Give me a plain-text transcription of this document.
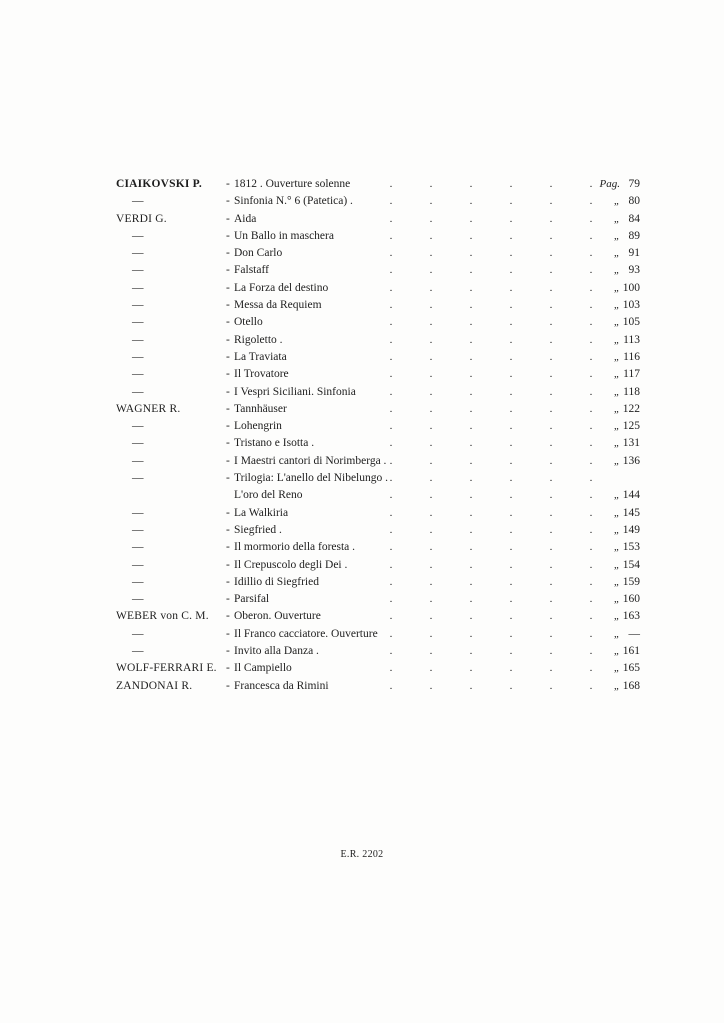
CIAIKOVSKI P.	- 1812 . Ouverture solenne	.	.	.	.	.	. Pag. 79
—	- Sinfonia N.° 6 (Patetica) .	.	.	.	.	.	.	„ 80
VERDI G.	- Aida	.	.	.	.	.	.	„ 84
—	- Un Ballo in maschera	.	.	.	.	.	.	„ 89
—	- Don Carlo	.	.	.	.	.	.	„ 91
—	- Falstaff	.	.	.	.	.	.	„ 93
—	- La Forza del destino	.	.	.	.	.	.	„ 100
—	- Messa da Requiem	.	.	.	.	.	.	„ 103
—	- Otello	.	.	.	.	.	.	„ 105
—	- Rigoletto .	.	.	.	.	.	.	„ 113
—	- La Traviata	.	.	.	.	.	.	„ 116
—	- Il Trovatore	.	.	.	.	.	.	„ 117
—	- I Vespri Siciliani. Sinfonia	.	.	.	.	.	.	„ 118
WAGNER R.	- Tannhäuser	.	.	.	.	.	.	„ 122
—	- Lohengrin	.	.	.	.	.	.	„ 125
—	- Tristano e Isotta .	.	.	.	.	.	.	„ 131
—	- I Maestri cantori di Norimberga . .	.	.	.	.	.	„ 136
—	- Trilogia: L'anello del Nibelungo . .	.	.	.	.	.
L'oro del Reno	.	.	.	.	.	.	„ 144
—	- La Walkiria	.	.	.	.	.	.	„ 145
—	- Siegfried .	.	.	.	.	.	.	„ 149
—	- Il mormorio della foresta .	.	.	.	.	.	.	„ 153
—	- Il Crepuscolo degli Dei .	.	.	.	.	.	.	„ 154
—	- Idillio di Siegfried	.	.	.	.	.	.	„ 159
—	- Parsifal	.	.	.	.	.	.	„ 160
WEBER von C. M.	- Oberon. Ouverture	.	.	.	.	.	.	„ 163
—	- Il Franco cacciatore. Ouverture	.	.	.	.	.	.	„ —
—	- Invito alla Danza .	.	.	.	.	.	.	„ 161
WOLF-FERRARI E. - Il Campiello	.	.	.	.	.	.	„ 165
ZANDONAI R.	- Francesca da Rimini	.	.	.	.	.	.	„ 168
E.R. 2202
